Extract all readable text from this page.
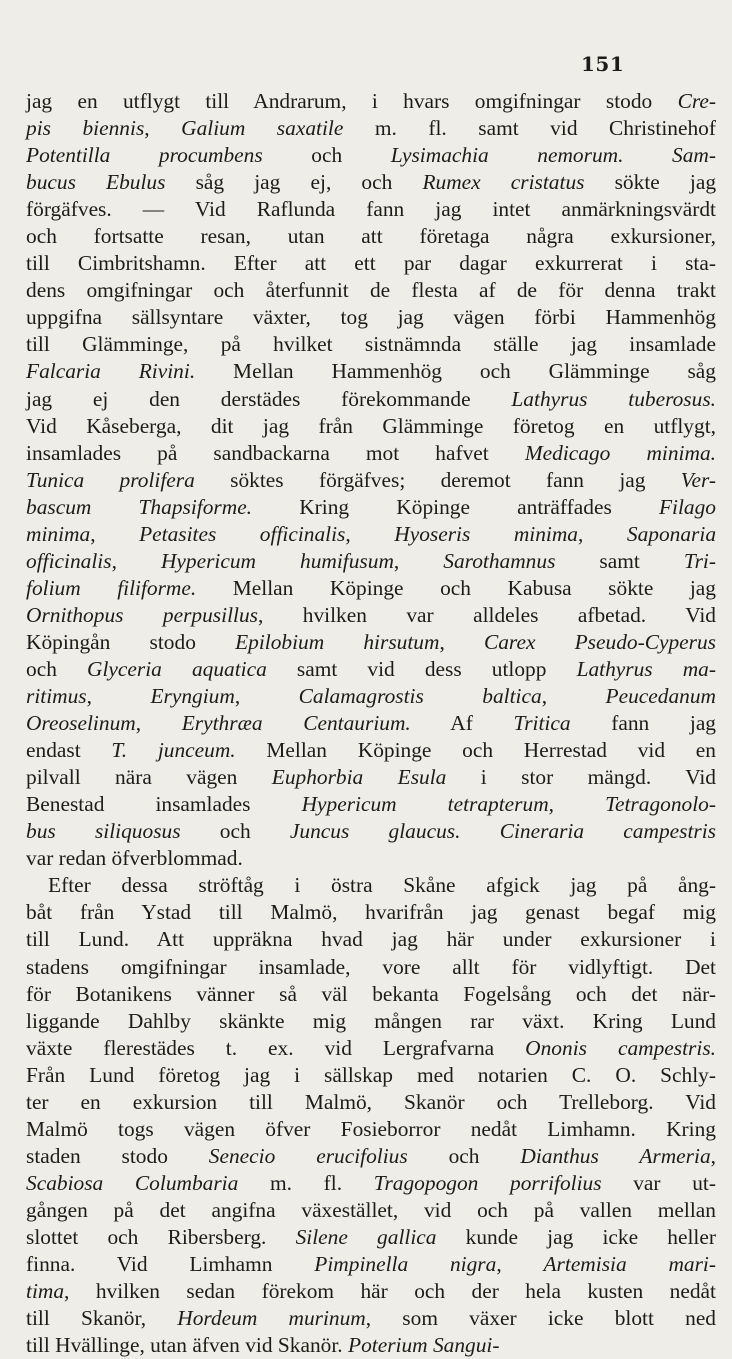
151
jag en utflygt till Andrarum, i hvars omgifningar stodo Cre-
pis biennis, Galium saxatile m. fl. samt vid Christinehof
Potentilla procumbens och Lysimachia nemorum. Sam-
bucus Ebulus såg jag ej, och Rumex cristatus sökte jag
förgäfves. — Vid Raflunda fann jag intet anmärkningsvärdt
och fortsatte resan, utan att företaga några exkursioner,
till Cimbritshamn. Efter att ett par dagar exkurrerat i sta-
dens omgifningar och återfunnit de flesta af de för denna trakt
uppgifna sällsyntare växter, tog jag vägen förbi Hammenhög
till Glämminge, på hvilket sistnämnda ställe jag insamlade
Falcaria Rivini. Mellan Hammenhög och Glämminge såg
jag ej den derstädes förekommande Lathyrus tuberosus.
Vid Kåseberga, dit jag från Glämminge företog en utflygt,
insamlades på sandbackarna mot hafvet Medicago minima.
Tunica prolifera söktes förgäfves; deremot fann jag Ver-
bascum Thapsiforme. Kring Köpinge anträffades Filago
minima, Petasites officinalis, Hyoseris minima, Saponaria
officinalis, Hypericum humifusum, Sarothamnus samt Tri-
folium filiforme. Mellan Köpinge och Kabusa sökte jag
Ornithopus perpusillus, hvilken var alldeles afbetad. Vid
Köpingån stodo Epilobium hirsutum, Carex Pseudo-Cyperus
och Glyceria aquatica samt vid dess utlopp Lathyrus ma-
ritimus, Eryngium, Calamagrostis baltica, Peucedanum
Oreoselinum, Erythræa Centaurium. Af Tritica fann jag
endast T. junceum. Mellan Köpinge och Herrestad vid en
pilvall nära vägen Euphorbia Esula i stor mängd. Vid
Benestad insamlades Hypericum tetrapterum, Tetragonolo-
bus siliquosus och Juncus glaucus. Cineraria campestris
var redan öfverblommad.
Efter dessa ströftåg i östra Skåne afgick jag på ång-
båt från Ystad till Malmö, hvarifrån jag genast begaf mig
till Lund. Att uppräkna hvad jag här under exkursioner i
stadens omgifningar insamlade, vore allt för vidlyftigt. Det
för Botanikens vänner så väl bekanta Fogelsång och det när-
liggande Dahlby skänkte mig mången rar växt. Kring Lund
växte flerestädes t. ex. vid Lergrafvarna Ononis campestris.
Från Lund företog jag i sällskap med notarien C. O. Schly-
ter en exkursion till Malmö, Skanör och Trelleborg. Vid
Malmö togs vägen öfver Fosieborror nedåt Limhamn. Kring
staden stodo Senecio erucifolius och Dianthus Armeria,
Scabiosa Columbaria m. fl. Tragopogon porrifolius var ut-
gången på det angifna växestället, vid och på vallen mellan
slottet och Ribersberg. Silene gallica kunde jag icke heller
finna. Vid Limhamn Pimpinella nigra, Artemisia mari-
tima, hvilken sedan förekom här och der hela kusten nedåt
till Skanör, Hordeum murinum, som växer icke blott ned
till Hvällinge, utan äfven vid Skanör. Poterium Sangui-
